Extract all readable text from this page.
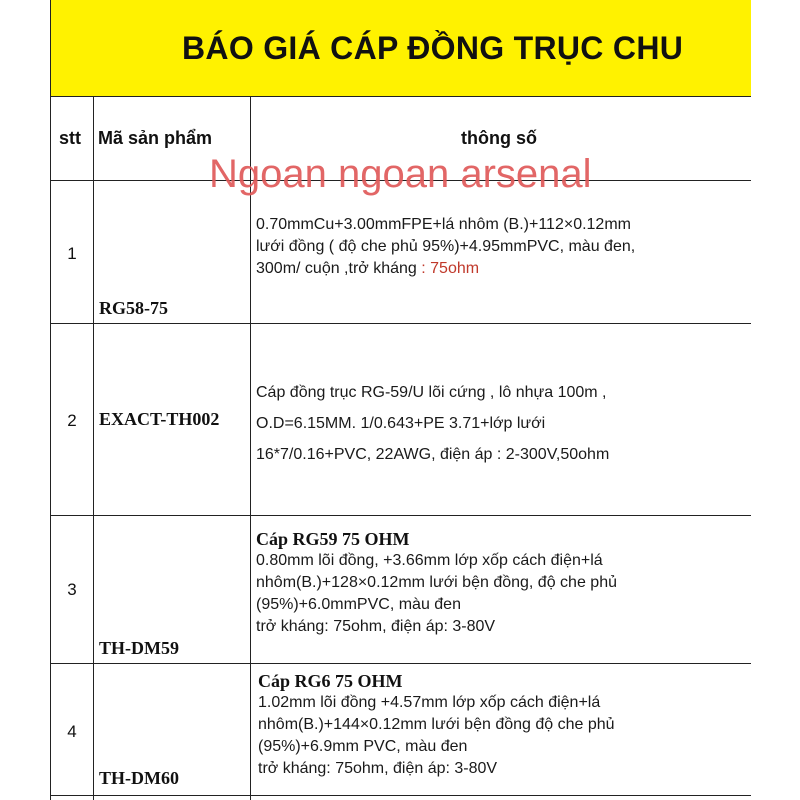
BÁO GIÁ CÁP ĐỒNG TRỤC CHU
stt Mã sản phẩm	thông số
1
RG58-75
0.70mmCu+3.00mmFPE+lá nhôm (B.)+112×0.12mm
lưới đồng ( độ che phủ 95%)+4.95mmPVC, màu đen,
300m/ cuộn ,trở kháng : 75ohm
2	EXACT-TH002
Cáp đồng trục RG-59/U lõi cứng , lô nhựa 100m ,
O.D=6.15MM. 1/0.643+PE 3.71+lớp lưới
16*7/0.16+PVC, 22AWG, điện áp : 2-300V,50ohm
3
TH-DM59
Cáp RG59 75 OHM
0.80mm lõi đồng, +3.66mm lớp xốp cách điện+lá
nhôm(B.)+128×0.12mm lưới bện đồng, độ che phủ
(95%)+6.0mmPVC, màu đen
trở kháng: 75ohm, điện áp: 3-80V
4
TH-DM60
Cáp RG6 75 OHM
1.02mm lõi đồng +4.57mm lớp xốp cách điện+lá
nhôm(B.)+144×0.12mm lưới bện đồng độ che phủ
(95%)+6.9mm PVC, màu đen
trở kháng: 75ohm, điện áp: 3-80V
Ngoan ngoan arsenal
